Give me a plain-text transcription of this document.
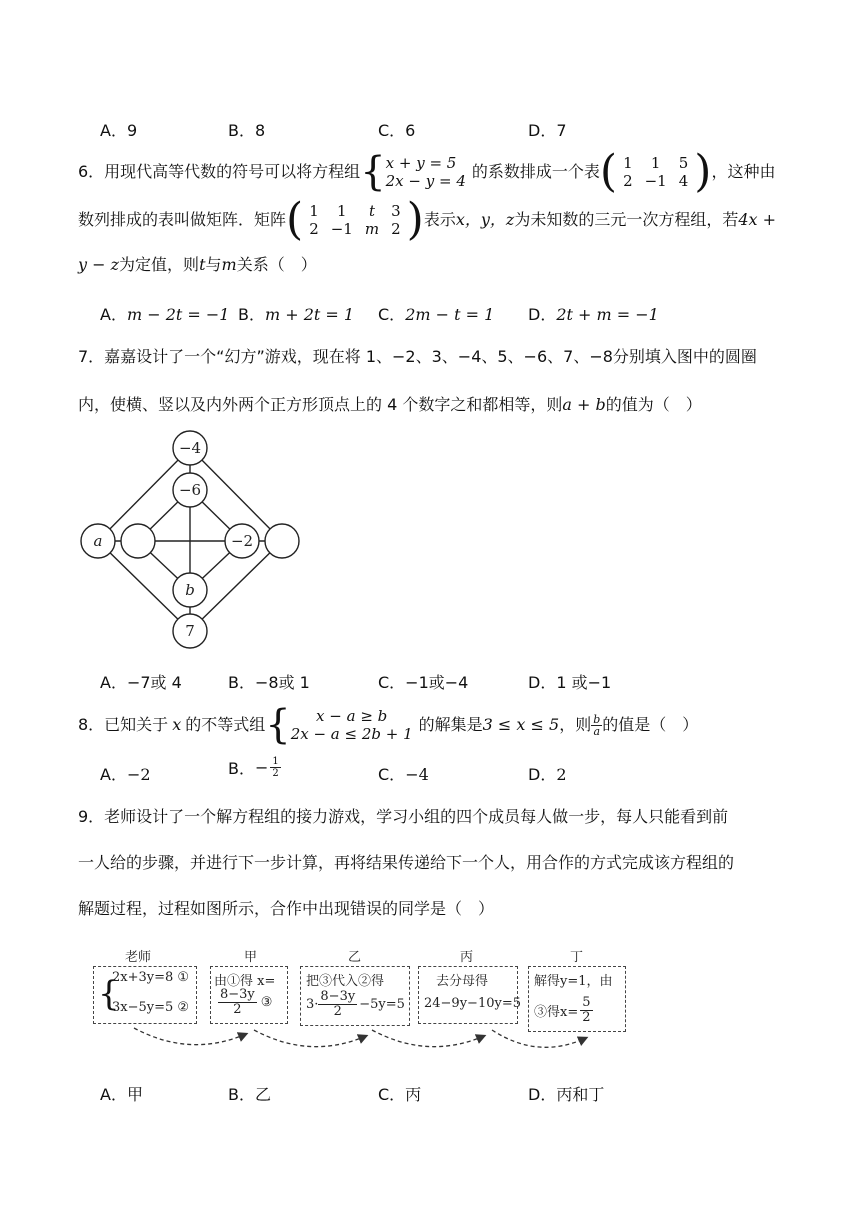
A．9	B．8	C．6	D．7
6．用现代高等代数的符号可以将方程组 { x + y = 5
2x − y = 4 的系数排成一个表 ( 1	1	5
2	−1	4 ) ，这种由
数列排成的表叫做矩阵．矩阵 ( 1	1	t	3
2	−1	m	2 ) 表示 x，y，z 为未知数的三元一次方程组，若 4x +
y − z为定值，则t与m关系（　）
A．m − 2t = −1 B．m + 2t = 1 C．2m − t = 1 D．2t + m = −1
7．嘉嘉设计了一个“幻方”游戏，现在将 1、−2、3、−4、5、−6、7、−8分别填入图中的圆圈
内，使横、竖以及内外两个正方形顶点上的 4 个数字之和都相等，则a + b的值为（　）
−4
−6
a	−2
b
7
A．−7或 4	B．−8或 1	C．−1或−4	D．1 或−1
8．已知关于 x 的不等式组 {	x − a ≥ b
2x − a ≤ 2b + 1 的解集是 3 ≤ x ≤ 5 ，则 $\frac{b}{a}$ 的值是（　）
A．−2	B． − $\frac{1}{2}$	C．−4	D．2
9．老师设计了一个解方程组的接力游戏，学习小组的四个成员每人做一步，每人只能看到前
一人给的步骤，并进行下一步计算，再将结果传递给下一个人，用合作的方式完成该方程组的
解题过程，过程如图所示，合作中出现错误的同学是（　）
老师	甲	乙	丙	丁
{
2x+3y=8 ①
3x−5y=5 ②
由①得 x=
$\frac{8-3y}{2}$ ③
把③代入②得
$3\cdot \frac{8-3y}{2} -5y=5$
去分母得
24−9y−10y=5
解得y=1，由
③得$x= \frac{5}{2}$
A．甲	B．乙	C．丙	D．丙和丁
